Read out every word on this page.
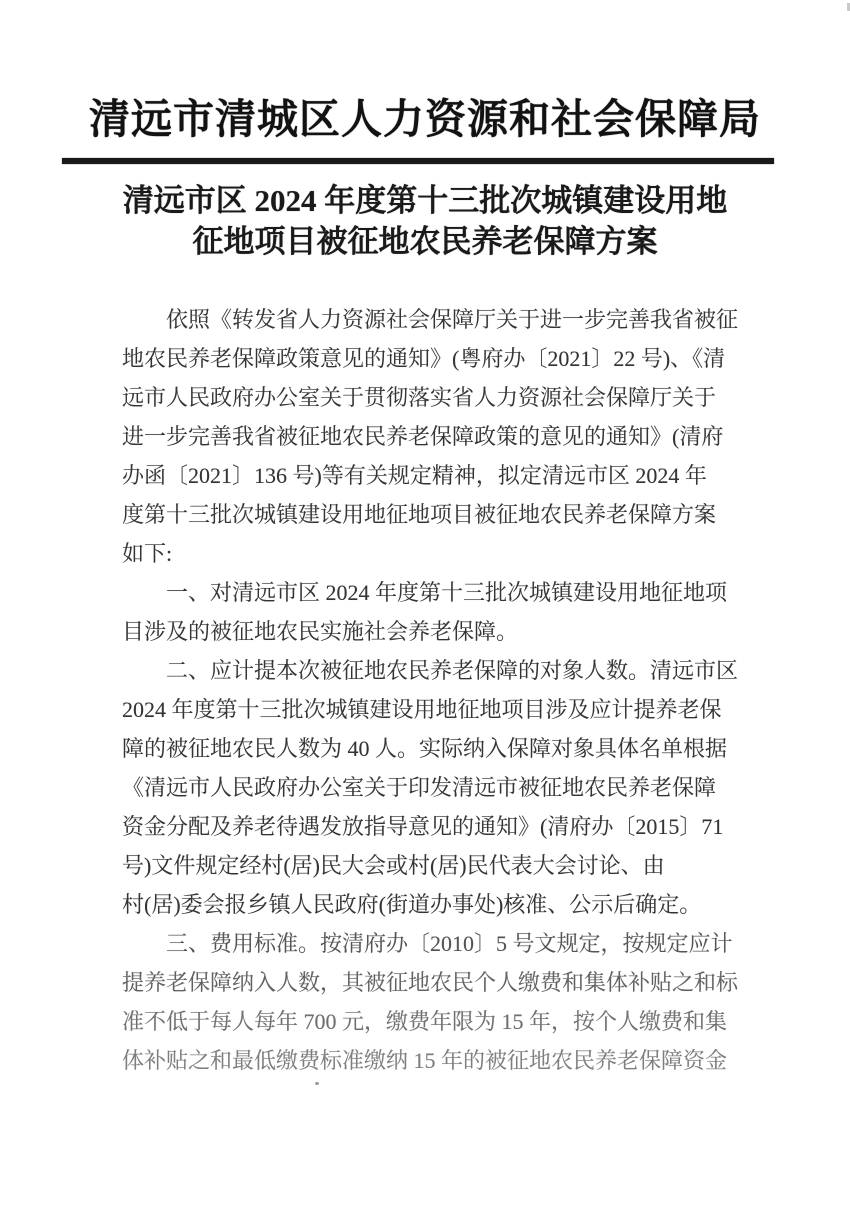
清远市清城区人力资源和社会保障局
清远市区 2024 年度第十三批次城镇建设用地
征地项目被征地农民养老保障方案
依照《转发省人力资源社会保障厅关于进一步完善我省被征
地农民养老保障政策意见的通知》(粤府办〔2021〕22 号)、《清
远市人民政府办公室关于贯彻落实省人力资源社会保障厅关于
进一步完善我省被征地农民养老保障政策的意见的通知》(清府
办函〔2021〕136 号)等有关规定精神，拟定清远市区 2024 年
度第十三批次城镇建设用地征地项目被征地农民养老保障方案
如下:
一、对清远市区 2024 年度第十三批次城镇建设用地征地项
目涉及的被征地农民实施社会养老保障。
二、应计提本次被征地农民养老保障的对象人数。清远市区
2024 年度第十三批次城镇建设用地征地项目涉及应计提养老保
障的被征地农民人数为 40 人。实际纳入保障对象具体名单根据
《清远市人民政府办公室关于印发清远市被征地农民养老保障
资金分配及养老待遇发放指导意见的通知》(清府办〔2015〕71
号)文件规定经村(居)民大会或村(居)民代表大会讨论、由
村(居)委会报乡镇人民政府(街道办事处)核准、公示后确定。
三、费用标准。按清府办〔2010〕5 号文规定，按规定应计
提养老保障纳入人数，其被征地农民个人缴费和集体补贴之和标
准不低于每人每年 700 元，缴费年限为 15 年，按个人缴费和集
体补贴之和最低缴费标准缴纳 15 年的被征地农民养老保障资金
